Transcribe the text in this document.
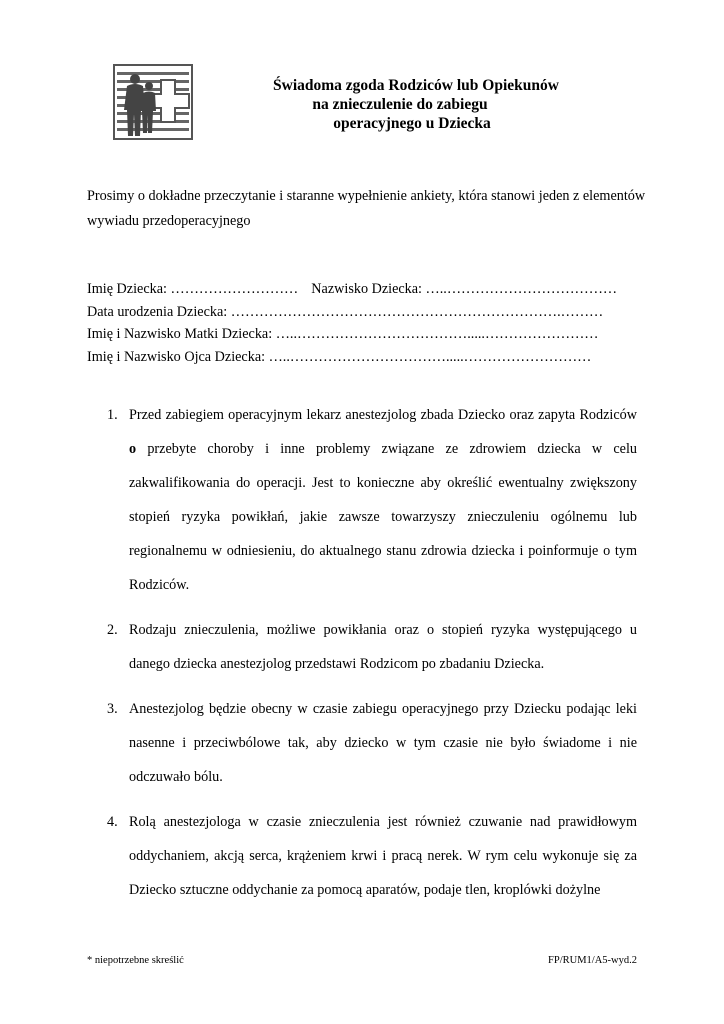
Świadoma zgoda Rodziców lub Opiekunów
na znieczulenie do zabiegu
operacyjnego u Dziecka
Prosimy o dokładne przeczytanie i staranne wypełnienie ankiety, która stanowi jeden z elementów wywiadu przedoperacyjnego
Imię Dziecka: ……………………… Nazwisko Dziecka: …..………………………………
Data urodzenia Dziecka: …………………………………………………………….………
Imię i Nazwisko Matki Dziecka: …..……………………………….....……………………
Imię i Nazwisko Ojca Dziecka: …..…………………………….....………………………
1. Przed zabiegiem operacyjnym lekarz anestezjolog zbada Dziecko oraz zapyta Rodziców o przebyte choroby i inne problemy związane ze zdrowiem dziecka w celu zakwalifikowania do operacji. Jest to konieczne aby określić ewentualny zwiększony stopień ryzyka powikłań, jakie zawsze towarzyszy znieczuleniu ogólnemu lub regionalnemu w odniesieniu, do aktualnego stanu zdrowia dziecka i poinformuje o tym Rodziców.
2. Rodzaju znieczulenia, możliwe powikłania oraz o stopień ryzyka występującego u danego dziecka anestezjolog przedstawi Rodzicom po zbadaniu Dziecka.
3. Anestezjolog będzie obecny w czasie zabiegu operacyjnego przy Dziecku podając leki nasenne i przeciwbólowe tak, aby dziecko w tym czasie nie było świadome i nie odczuwało bólu.
4. Rolą anestezjologa w czasie znieczulenia jest również czuwanie nad prawidłowym oddychaniem, akcją serca, krążeniem krwi i pracą nerek. W rym celu wykonuje się za Dziecko sztuczne oddychanie za pomocą aparatów, podaje tlen, kroplówki dożylne
* niepotrzebne skreślić	FP/RUM1/A5-wyd.2
